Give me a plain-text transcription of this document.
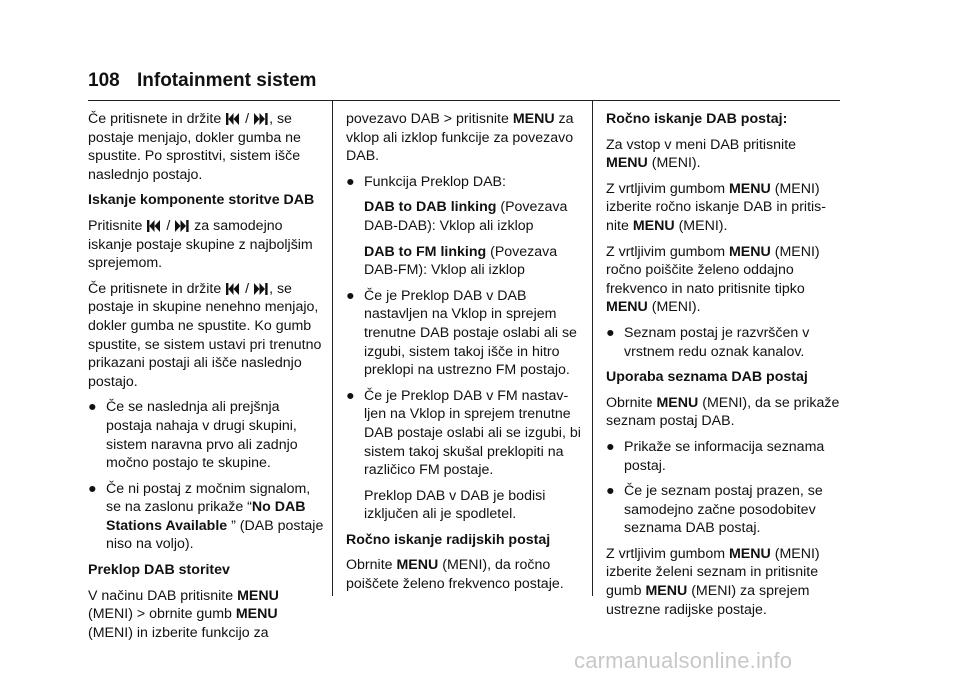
108 Infotainment sistem

Če pritisnete in držite / , se postaje menjajo, dokler gumba ne spustite. Po sprostitvi, sistem išče naslednjo postajo.

Iskanje komponente storitve DAB

Pritisnite / za samodejno iskanje postaje skupine z najboljšim sprejemom.

Če pritisnete in držite / , se postaje in skupine nenehno menjajo, dokler gumba ne spustite. Ko gumb spustite, se sistem ustavi pri trenutno prikazani postaji ali išče naslednjo postajo.

● Če se naslednja ali prejšnja postaja nahaja v drugi skupini, sistem naravna prvo ali zadnjo močno postajo te skupine.
● Če ni postaj z močnim signalom, se na zaslonu prikaže “No DAB Stations Available ” (DAB postaje niso na voljo).

Preklop DAB storitev

V načinu DAB pritisnite MENU (MENI) > obrnite gumb MENU (MENI) in izberite funkcijo za

povezavo DAB > pritisnite MENU za vklop ali izklop funkcije za povezavo DAB.

● Funkcija Preklop DAB:

DAB to DAB linking (Povezava DAB-DAB): Vklop ali izklop

DAB to FM linking (Povezava DAB-FM): Vklop ali izklop

● Če je Preklop DAB v DAB nastavljen na Vklop in sprejem trenutne DAB postaje oslabi ali se izgubi, sistem takoj išče in hitro preklopi na ustrezno FM postajo.
● Če je Preklop DAB v FM nastavljen na Vklop in sprejem trenutne DAB postaje oslabi ali se izgubi, bi sistem takoj skušal preklopiti na različico FM postaje.

Preklop DAB v DAB je bodisi izključen ali je spodletel.

Ročno iskanje radijskih postaj

Obrnite MENU (MENI), da ročno poiščete želeno frekvenco postaje.

Ročno iskanje DAB postaj:

Za vstop v meni DAB pritisnite MENU (MENI).

Z vrtljivim gumbom MENU (MENI) izberite ročno iskanje DAB in pritisnite MENU (MENI).

Z vrtljivim gumbom MENU (MENI) ročno poiščite želeno oddajno frekvenco in nato pritisnite tipko MENU (MENI).

● Seznam postaj je razvrščen v vrstnem redu oznak kanalov.

Uporaba seznama DAB postaj

Obrnite MENU (MENI), da se prikaže seznam postaj DAB.

● Prikaže se informacija seznama postaj.
● Če je seznam postaj prazen, se samodejno začne posodobitev seznama DAB postaj.

Z vrtljivim gumbom MENU (MENI) izberite želeni seznam in pritisnite gumb MENU (MENI) za sprejem ustrezne radijske postaje.

carmanualsonline.info
